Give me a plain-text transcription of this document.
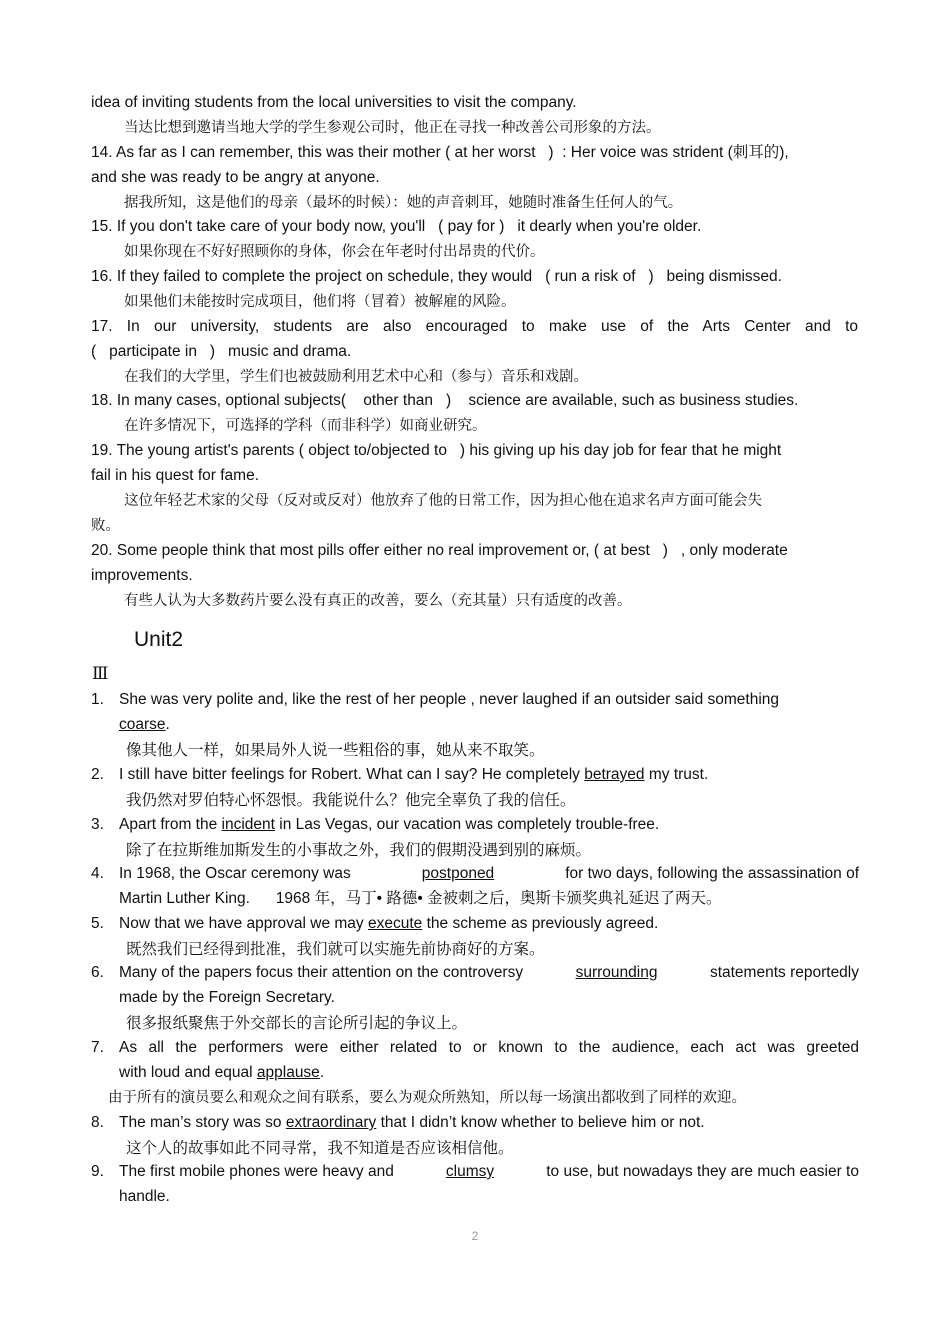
idea of inviting students from the local universities to visit the company.
当达比想到邀请当地大学的学生参观公司时，他正在寻找一种改善公司形象的方法。
14. As far as I can remember, this was their mother ( at her worst   )  : Her voice was strident (刺耳的),
and she was ready to be angry at anyone.
据我所知，这是他们的母亲（最坏的时候）：她的声音刺耳，她随时准备生任何人的气。
15. If you don't take care of your body now, you'll   ( pay for )   it dearly when you're older.
如果你现在不好好照顾你的身体，你会在年老时付出昂贵的代价。
16. If they failed to complete the project on schedule, they would   ( run a risk of   )   being dismissed.
如果他们未能按时完成项目，他们将（冒着）被解雇的风险。
17. In our university, students are also encouraged to make use of the Arts Center and to
(   participate in   )   music and drama.
在我们的大学里，学生们也被鼓励利用艺术中心和（参与）音乐和戏剧。
18. In many cases, optional subjects(    other than   )    science are available, such as business studies.
在许多情况下，可选择的学科（而非科学）如商业研究。
19. The young artist's parents ( object to/objected to   ) his giving up his day job for fear that he might
fail in his quest for fame.
这位年轻艺术家的父母（反对或反对）他放弃了他的日常工作，因为担心他在追求名声方面可能会失
败。
20. Some people think that most pills offer either no real improvement or, ( at best   )   , only moderate
improvements.
有些人认为大多数药片要么没有真正的改善，要么（充其量）只有适度的改善。
Unit2
Ⅲ
1. She was very polite and, like the rest of her people , never laughed if an outsider said something
coarse.
像其他人一样，如果局外人说一些粗俗的事，她从来不取笑。
2. I still have bitter feelings for Robert. What can I say? He completely betrayed my trust.
我仍然对罗伯特心怀怨恨。我能说什么？他完全辜负了我的信任。
3. Apart from the incident in Las Vegas, our vacation was completely trouble-free.
除了在拉斯维加斯发生的小事故之外，我们的假期没遇到别的麻烦。
4. In 1968, the Oscar ceremony was	postponed	for two days, following the assassination of
Martin Luther King.      1968 年，马丁• 路德• 金被刺之后，奥斯卡颁奖典礼延迟了两天。
5. Now that we have approval we may execute the scheme as previously agreed.
既然我们已经得到批准，我们就可以实施先前协商好的方案。
6. Many of the papers focus their attention on the controversy	surrounding	statements reportedly
made by the Foreign Secretary.
很多报纸聚焦于外交部长的言论所引起的争议上。
7. As all the performers were either related to or known to the audience, each act was greeted
with loud and equal applause.
由于所有的演员要么和观众之间有联系，要么为观众所熟知，所以每一场演出都收到了同样的欢迎。
8. The man’s story was so extraordinary that I didn’t know whether to believe him or not.
这个人的故事如此不同寻常，我不知道是否应该相信他。
9. The first mobile phones were heavy and	clumsy	to use, but nowadays they are much easier to
handle.
2
